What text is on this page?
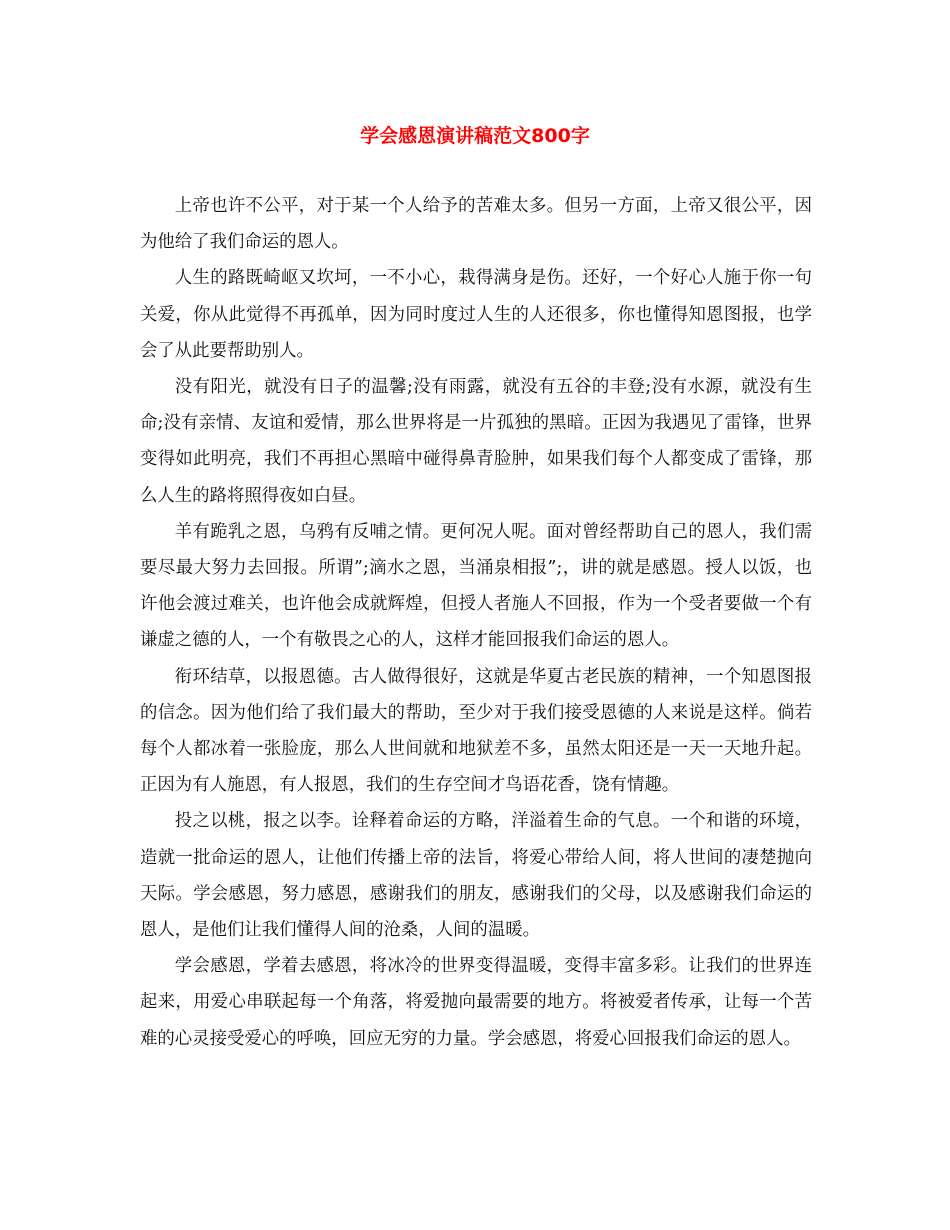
学会感恩演讲稿范文800字

上帝也许不公平，对于某一个人给予的苦难太多。但另一方面，上帝又很公平，因为他给了我们命运的恩人。

人生的路既崎岖又坎坷，一不小心，栽得满身是伤。还好，一个好心人施于你一句关爱，你从此觉得不再孤单，因为同时度过人生的人还很多，你也懂得知恩图报，也学会了从此要帮助别人。

没有阳光，就没有日子的温馨;没有雨露，就没有五谷的丰登;没有水源，就没有生命;没有亲情、友谊和爱情，那么世界将是一片孤独的黑暗。正因为我遇见了雷锋，世界变得如此明亮，我们不再担心黑暗中碰得鼻青脸肿，如果我们每个人都变成了雷锋，那么人生的路将照得夜如白昼。

羊有跪乳之恩，乌鸦有反哺之情。更何况人呢。面对曾经帮助自己的恩人，我们需要尽最大努力去回报。所谓”;滴水之恩，当涌泉相报”;，讲的就是感恩。授人以饭，也许他会渡过难关，也许他会成就辉煌，但授人者施人不回报，作为一个受者要做一个有谦虚之德的人，一个有敬畏之心的人，这样才能回报我们命运的恩人。

衔环结草，以报恩德。古人做得很好，这就是华夏古老民族的精神，一个知恩图报的信念。因为他们给了我们最大的帮助，至少对于我们接受恩德的人来说是这样。倘若每个人都冰着一张脸庞，那么人世间就和地狱差不多，虽然太阳还是一天一天地升起。正因为有人施恩，有人报恩，我们的生存空间才鸟语花香，饶有情趣。

投之以桃，报之以李。诠释着命运的方略，洋溢着生命的气息。一个和谐的环境，造就一批命运的恩人，让他们传播上帝的法旨，将爱心带给人间，将人世间的凄楚抛向天际。学会感恩，努力感恩，感谢我们的朋友，感谢我们的父母，以及感谢我们命运的恩人，是他们让我们懂得人间的沧桑，人间的温暖。

学会感恩，学着去感恩，将冰冷的世界变得温暖，变得丰富多彩。让我们的世界连起来，用爱心串联起每一个角落，将爱抛向最需要的地方。将被爱者传承，让每一个苦难的心灵接受爱心的呼唤，回应无穷的力量。学会感恩，将爱心回报我们命运的恩人。
